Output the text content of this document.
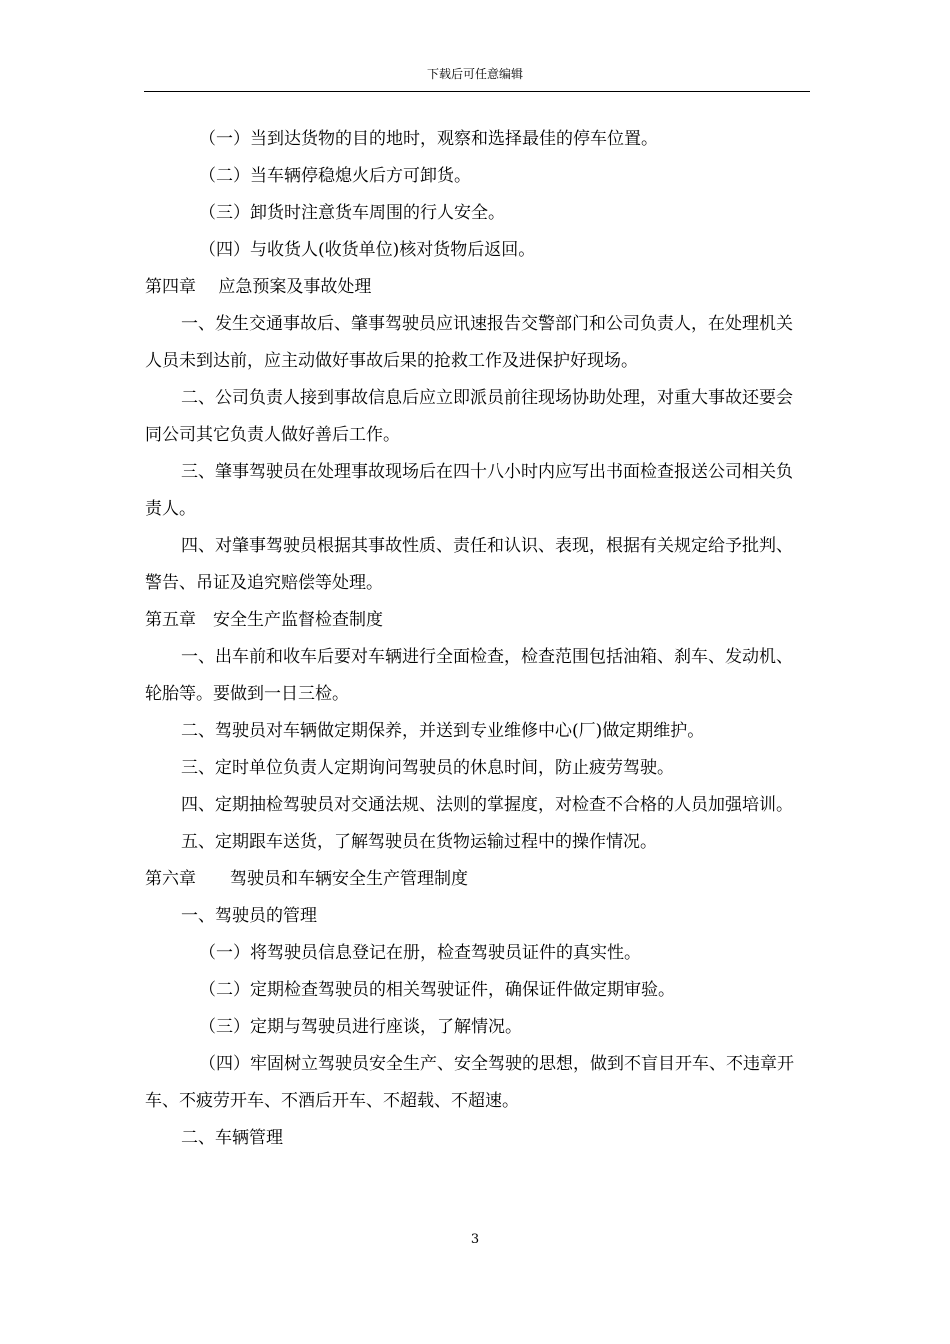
下载后可任意编辑

（一）当到达货物的目的地时，观察和选择最佳的停车位置。

（二）当车辆停稳熄火后方可卸货。

（三）卸货时注意货车周围的行人安全。

（四）与收货人(收货单位)核对货物后返回。

第四章　 应急预案及事故处理

一、发生交通事故后、肇事驾驶员应讯速报告交警部门和公司负责人，在处理机关人员未到达前，应主动做好事故后果的抢救工作及进保护好现场。

二、公司负责人接到事故信息后应立即派员前往现场协助处理，对重大事故还要会同公司其它负责人做好善后工作。

三、肇事驾驶员在处理事故现场后在四十八小时内应写出书面检查报送公司相关负责人。

四、对肇事驾驶员根据其事故性质、责任和认识、表现，根据有关规定给予批判、警告、吊证及追究赔偿等处理。

第五章　安全生产监督检查制度

一、出车前和收车后要对车辆进行全面检查，检查范围包括油箱、刹车、发动机、轮胎等。要做到一日三检。

二、驾驶员对车辆做定期保养，并送到专业维修中心(厂)做定期维护。

三、定时单位负责人定期询问驾驶员的休息时间，防止疲劳驾驶。

四、定期抽检驾驶员对交通法规、法则的掌握度，对检查不合格的人员加强培训。

五、定期跟车送货，了解驾驶员在货物运输过程中的操作情况。

第六章　　驾驶员和车辆安全生产管理制度

一、驾驶员的管理

（一）将驾驶员信息登记在册，检查驾驶员证件的真实性。

（二）定期检查驾驶员的相关驾驶证件，确保证件做定期审验。

（三）定期与驾驶员进行座谈，了解情况。

（四）牢固树立驾驶员安全生产、安全驾驶的思想，做到不盲目开车、不违章开车、不疲劳开车、不酒后开车、不超载、不超速。

二、车辆管理

3
